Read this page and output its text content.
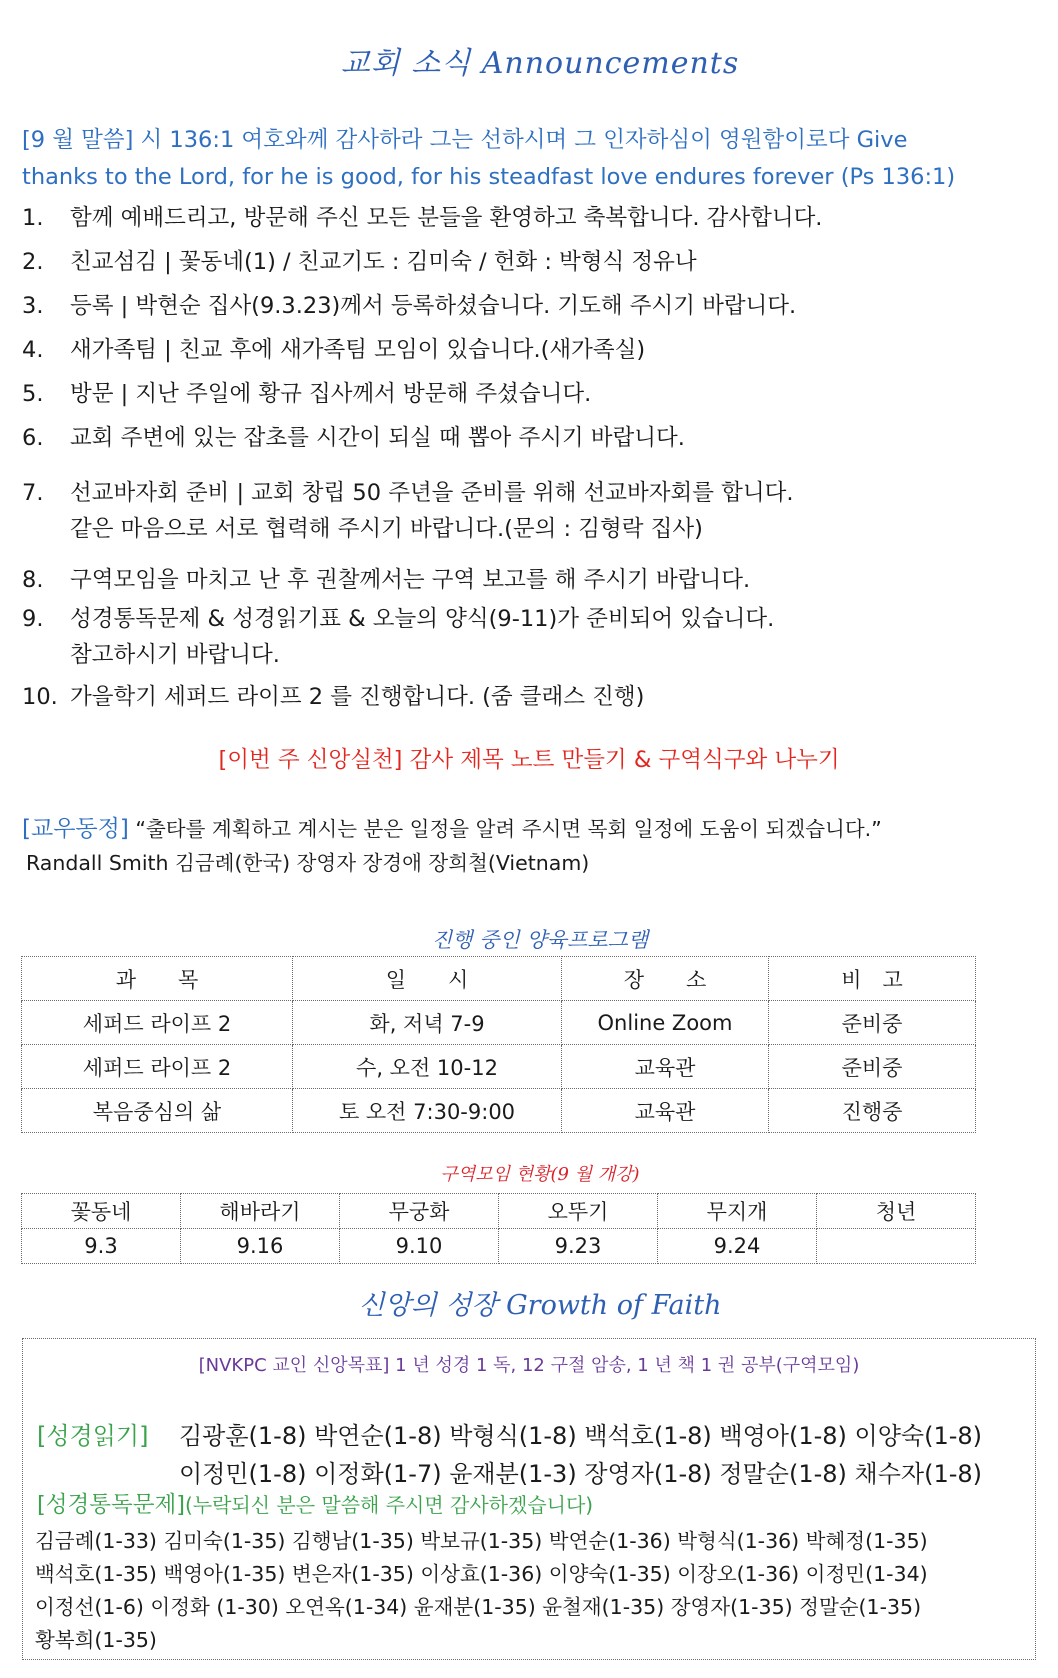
교회 소식 Announcements
[9 월 말씀] 시 136:1 여호와께 감사하라 그는 선하시며 그 인자하심이 영원함이로다 Give
thanks to the Lord, for he is good, for his steadfast love endures forever (Ps 136:1)
1. 함께 예배드리고, 방문해 주신 모든 분들을 환영하고 축복합니다. 감사합니다.
2. 친교섬김 | 꽃동네(1) / 친교기도 : 김미숙 / 헌화 : 박형식 정유나
3. 등록 | 박현순 집사(9.3.23)께서 등록하셨습니다. 기도해 주시기 바랍니다.
4. 새가족팀 | 친교 후에 새가족팀 모임이 있습니다.(새가족실)
5. 방문 | 지난 주일에 황규 집사께서 방문해 주셨습니다.
6. 교회 주변에 있는 잡초를 시간이 되실 때 뽑아 주시기 바랍니다.
7. 선교바자회 준비 | 교회 창립 50 주년을 준비를 위해 선교바자회를 합니다.
같은 마음으로 서로 협력해 주시기 바랍니다.(문의 : 김형락 집사)
8. 구역모임을 마치고 난 후 권찰께서는 구역 보고를 해 주시기 바랍니다.
9. 성경통독문제 & 성경읽기표 & 오늘의 양식(9-11)가 준비되어 있습니다.
참고하시기 바랍니다.
10. 가을학기 세퍼드 라이프 2 를 진행합니다. (줌 클래스 진행)
[이번 주 신앙실천] 감사 제목 노트 만들기 & 구역식구와 나누기
[교우동정] “출타를 계획하고 계시는 분은 일정을 알려 주시면 목회 일정에 도움이 되겠습니다.”
Randall Smith 김금례(한국) 장영자 장경애 장희철(Vietnam)
진행 중인 양육프로그램
과　　목	일　　시	장　　소	비　고
세퍼드 라이프 2	화, 저녁 7-9	Online Zoom	준비중
세퍼드 라이프 2	수, 오전 10-12	교육관	준비중
복음중심의 삶	토 오전 7:30-9:00	교육관	진행중
구역모임 현황(9 월 개강)
꽃동네	해바라기	무궁화	오뚜기	무지개	청년
9.3	9.16	9.10	9.23	9.24	
신앙의 성장 Growth of Faith
[NVKPC 교인 신앙목표] 1 년 성경 1 독, 12 구절 암송, 1 년 책 1 권 공부(구역모임)
[성경읽기] 김광훈(1-8) 박연순(1-8) 박형식(1-8) 백석호(1-8) 백영아(1-8) 이양숙(1-8)
이정민(1-8) 이정화(1-7) 윤재분(1-3) 장영자(1-8) 정말순(1-8) 채수자(1-8)
[성경통독문제](누락되신 분은 말씀해 주시면 감사하겠습니다)
김금례(1-33) 김미숙(1-35) 김행남(1-35) 박보규(1-35) 박연순(1-36) 박형식(1-36) 박혜정(1-35)
백석호(1-35) 백영아(1-35) 변은자(1-35) 이상효(1-36) 이양숙(1-35) 이장오(1-36) 이정민(1-34)
이정선(1-6) 이정화 (1-30) 오연옥(1-34) 윤재분(1-35) 윤철재(1-35) 장영자(1-35) 정말순(1-35)
황복희(1-35)
